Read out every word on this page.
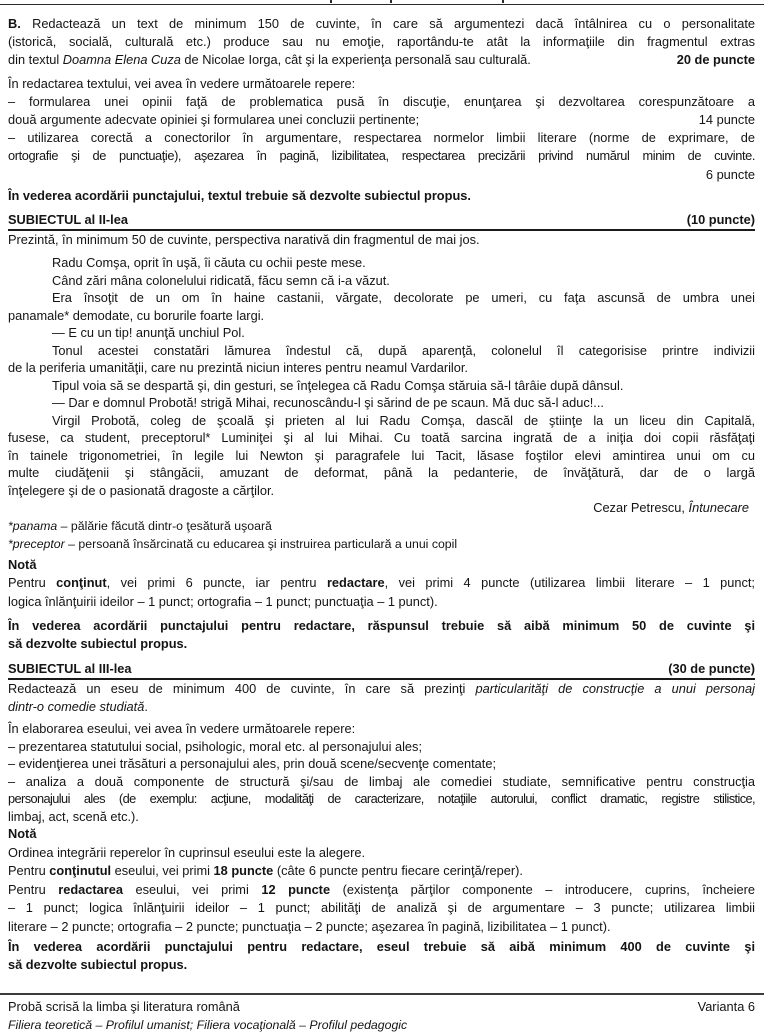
B. Redactează un text de minimum 150 de cuvinte, în care să argumentezi dacă întâlnirea cu o personalitate
(istorică, socială, culturală etc.) produce sau nu emoţie, raportându-te atât la informaţiile din fragmentul extras
din textul Doamna Elena Cuza de Nicolae Iorga, cât şi la experienţa personală sau culturală.	20 de puncte
În redactarea textului, vei avea în vedere următoarele repere:
– formularea unei opinii faţă de problematica pusă în discuţie, enunţarea şi dezvoltarea corespunzătoare a
două argumente adecvate opiniei şi formularea unei concluzii pertinente;	14 puncte
– utilizarea corectă a conectorilor în argumentare, respectarea normelor limbii literare (norme de exprimare, de
ortografie şi de punctuaţie), aşezarea în pagină, lizibilitatea, respectarea precizării privind numărul minim de cuvinte.
6 puncte
În vederea acordării punctajului, textul trebuie să dezvolte subiectul propus.
SUBIECTUL al II-lea	(10 puncte)
Prezintă, în minimum 50 de cuvinte, perspectiva narativă din fragmentul de mai jos.
Radu Comşa, oprit în uşă, îi căuta cu ochii peste mese.
Când zări mâna colonelului ridicată, făcu semn că i-a văzut.
Era însoţit de un om în haine castanii, vărgate, decolorate pe umeri, cu faţa ascunsă de umbra unei
panamale* demodate, cu borurile foarte largi.
— E cu un tip! anunţă unchiul Pol.
Tonul acestei constatări lămurea îndestul că, după aparenţă, colonelul îl categorisise printre indivizii
de la periferia umanităţii, care nu prezintă niciun interes pentru neamul Vardarilor.
Tipul voia să se despartă şi, din gesturi, se înţelegea că Radu Comşa stăruia să-l târâie după dânsul.
— Dar e domnul Probotă! strigă Mihai, recunoscându-l şi sărind de pe scaun. Mă duc să-l aduc!...
Virgil Probotă, coleg de şcoală şi prieten al lui Radu Comşa, dascăl de ştiinţe la un liceu din Capitală,
fusese, ca student, preceptorul* Luminiţei şi al lui Mihai. Cu toată sarcina ingrată de a iniţia doi copii răsfăţaţi
în tainele trigonometriei, în legile lui Newton şi paragrafele lui Tacit, lăsase foştilor elevi amintirea unui om cu
multe ciudăţenii şi stângăcii, amuzant de deformat, până la pedanterie, de învăţătură, dar de o largă
înţelegere şi de o pasionată dragoste a cărţilor.
Cezar Petrescu, Întunecare
*panama – pălărie făcută dintr-o ţesătură uşoară
*preceptor – persoană însărcinată cu educarea şi instruirea particulară a unui copil
Notă
Pentru conţinut, vei primi 6 puncte, iar pentru redactare, vei primi 4 puncte (utilizarea limbii literare – 1 punct;
logica înlănţuirii ideilor – 1 punct; ortografia – 1 punct; punctuaţia – 1 punct).
În vederea acordării punctajului pentru redactare, răspunsul trebuie să aibă minimum 50 de cuvinte şi
să dezvolte subiectul propus.
SUBIECTUL al III-lea	(30 de puncte)
Redactează un eseu de minimum 400 de cuvinte, în care să prezinţi particularităţi de construcţie a unui personaj
dintr-o comedie studiată.
În elaborarea eseului, vei avea în vedere următoarele repere:
– prezentarea statutului social, psihologic, moral etc. al personajului ales;
– evidenţierea unei trăsături a personajului ales, prin două scene/secvenţe comentate;
– analiza a două componente de structură şi/sau de limbaj ale comediei studiate, semnificative pentru construcţia
personajului ales (de exemplu: acţiune, modalităţi de caracterizare, notaţiile autorului, conflict dramatic, registre stilistice,
limbaj, act, scenă etc.).
Notă
Ordinea integrării reperelor în cuprinsul eseului este la alegere.
Pentru conţinutul eseului, vei primi 18 puncte (câte 6 puncte pentru fiecare cerinţă/reper).
Pentru redactarea eseului, vei primi 12 puncte (existenţa părţilor componente – introducere, cuprins, încheiere
– 1 punct; logica înlănţuirii ideilor – 1 punct; abilităţi de analiză şi de argumentare – 3 puncte; utilizarea limbii
literare – 2 puncte; ortografia – 2 puncte; punctuaţia – 2 puncte; aşezarea în pagină, lizibilitatea – 1 punct).
În vederea acordării punctajului pentru redactare, eseul trebuie să aibă minimum 400 de cuvinte şi
să dezvolte subiectul propus.
Probă scrisă la limba şi literatura română	Varianta 6
Filiera teoretică – Profilul umanist; Filiera vocaţională – Profilul pedagogic
